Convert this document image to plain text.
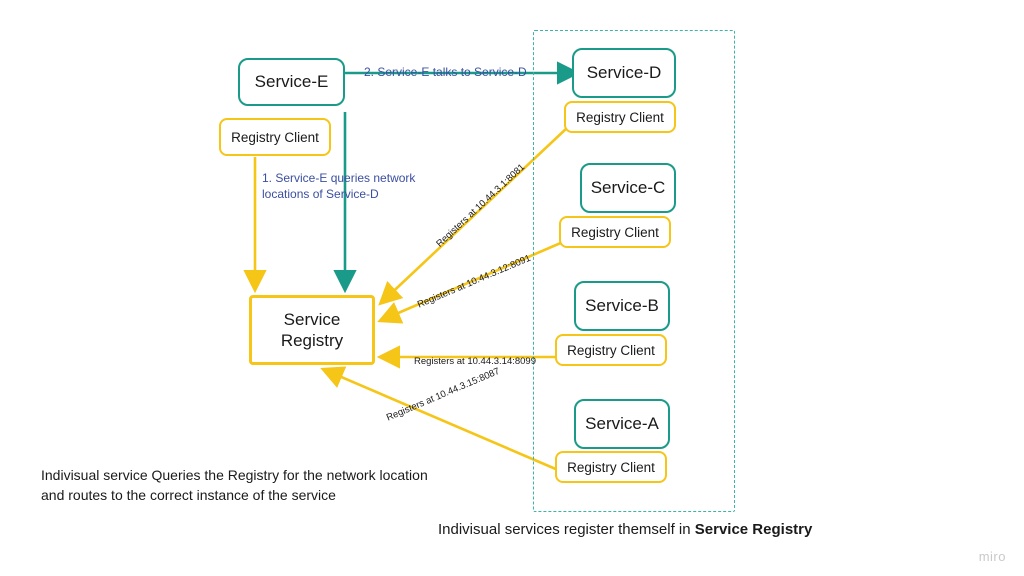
Service-E
Registry Client
Service-D
Registry Client
Service-C
Registry Client
Service-B
Registry Client
Service-A
Registry Client
Service
Registry
1. Service-E queries network locations of Service-D
2. Service-E talks to Service-D
Registers at 10.44.3.1:8081
Registers at 10.44.3.12:8091
Registers at 10.44.3.14:8099
Registers at 10.44.3.15:8087
Indivisual service Queries the Registry for the network location
and routes to the correct instance of the service
Indivisual services register themself in Service Registry
miro
